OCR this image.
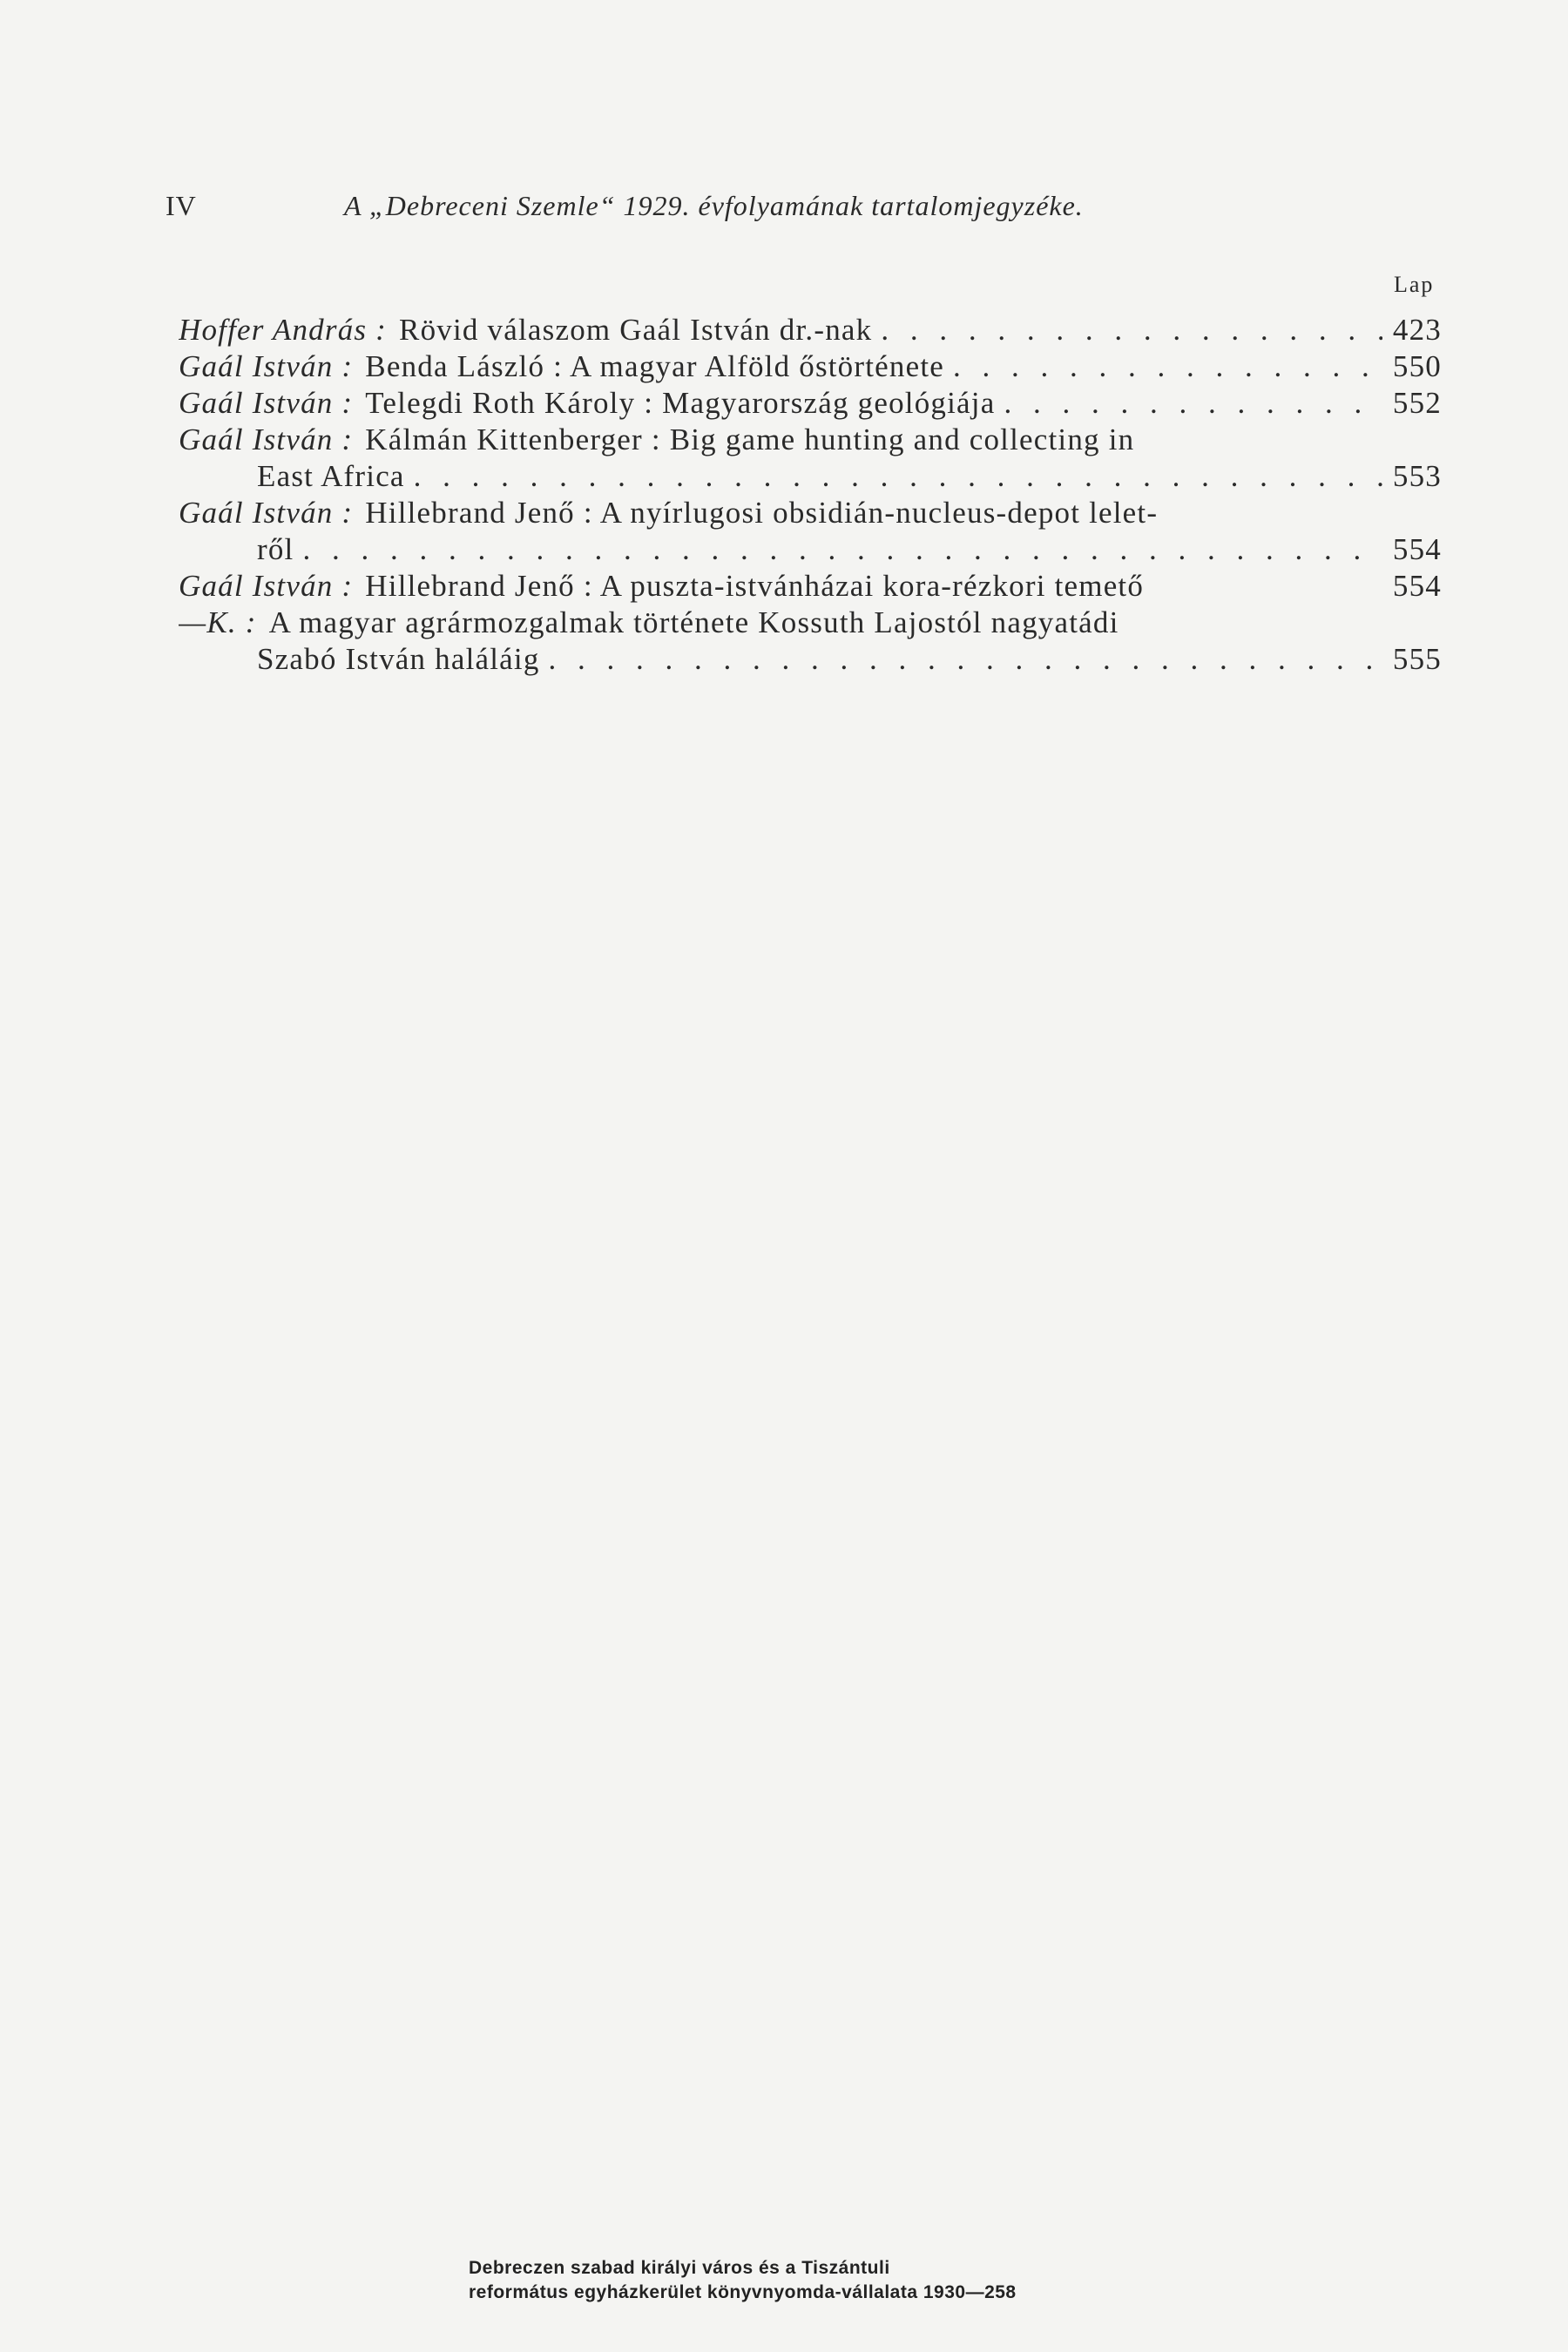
IV	A „Debreceni Szemle“ 1929. évfolyamának tartalomjegyzéke.
Lap
Hoffer András : Rövid válaszom Gaál István dr.-nak . . .	423
Gaál István : Benda László : A magyar Alföld őstörténete . . .	550
Gaál István : Telegdi Roth Károly : Magyarország geológiája . . .	552
Gaál István : Kálmán Kittenberger : Big game hunting and collecting in
East Africa . . .	553
Gaál István : Hillebrand Jenő : A nyírlugosi obsidián-nucleus-depot lelet-
ről . . .	554
Gaál István : Hillebrand Jenő : A puszta-istvánházai kora-rézkori temető	554
—K. : A magyar agrármozgalmak története Kossuth Lajostól nagyatádi
Szabó István haláláig . . .	555
Debreczen szabad királyi város és a Tiszántuli
református egyházkerület könyvnyomda-vállalata 1930—258
